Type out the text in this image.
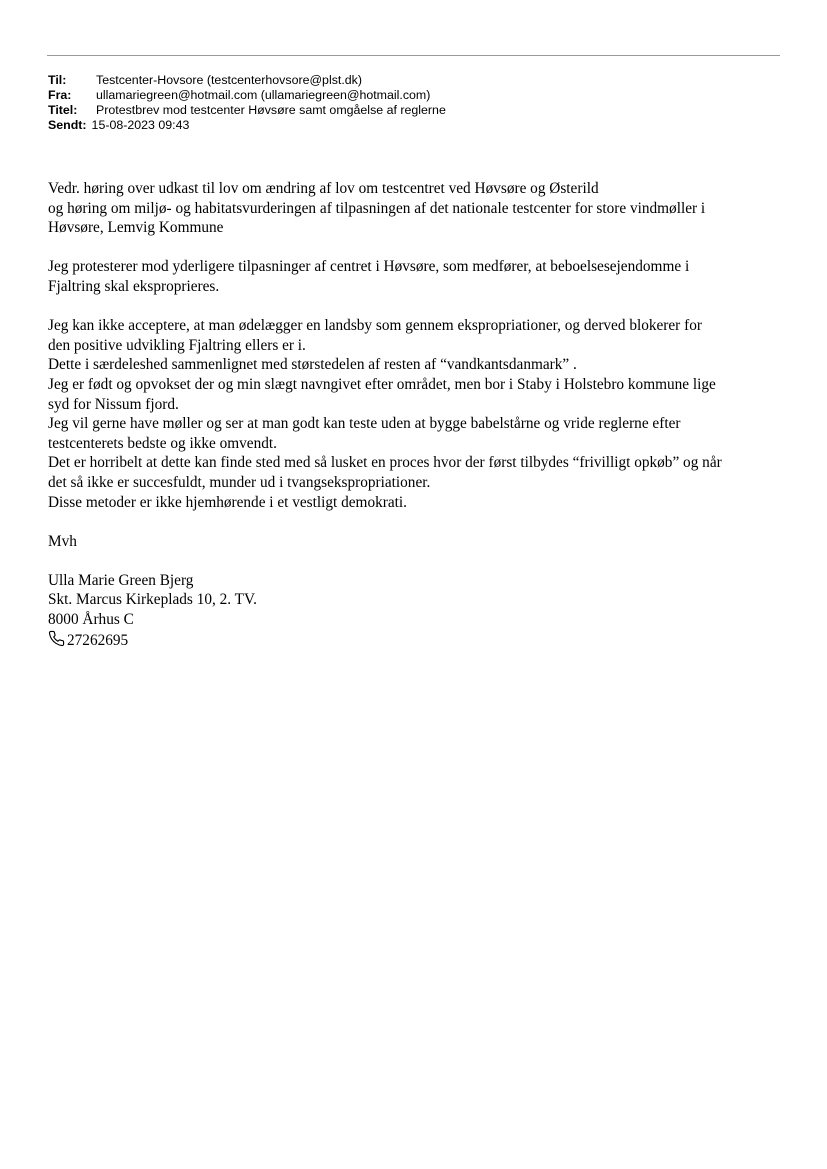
Til: Testcenter-Hovsore (testcenterhovsore@plst.dk)
Fra: ullamariegreen@hotmail.com (ullamariegreen@hotmail.com)
Titel: Protestbrev mod testcenter Høvsøre samt omgåelse af reglerne
Sendt: 15-08-2023 09:43

Vedr. høring over udkast til lov om ændring af lov om testcentret ved Høvsøre og Østerild
og høring om miljø- og habitatsvurderingen af tilpasningen af det nationale testcenter for store vindmøller i
Høvsøre, Lemvig Kommune

Jeg protesterer mod yderligere tilpasninger af centret i Høvsøre, som medfører, at beboelsesejendomme i
Fjaltring skal eksproprieres.

Jeg kan ikke acceptere, at man ødelægger en landsby som gennem ekspropriationer, og derved blokerer for
den positive udvikling Fjaltring ellers er i.
Dette i særdeleshed sammenlignet med størstedelen af resten af “vandkantsdanmark” .
Jeg er født og opvokset der og min slægt navngivet efter området, men bor i Staby i Holstebro kommune lige
syd for Nissum fjord.
Jeg vil gerne have møller og ser at man godt kan teste uden at bygge babelstårne og vride reglerne efter
testcenterets bedste og ikke omvendt.
Det er horribelt at dette kan finde sted med så lusket en proces hvor der først tilbydes “frivilligt opkøb” og når
det så ikke er succesfuldt, munder ud i tvangsekspropriationer.
Disse metoder er ikke hjemhørende i et vestligt demokrati.

Mvh

Ulla Marie Green Bjerg
Skt. Marcus Kirkeplads 10, 2. TV.
8000 Århus C
27262695
